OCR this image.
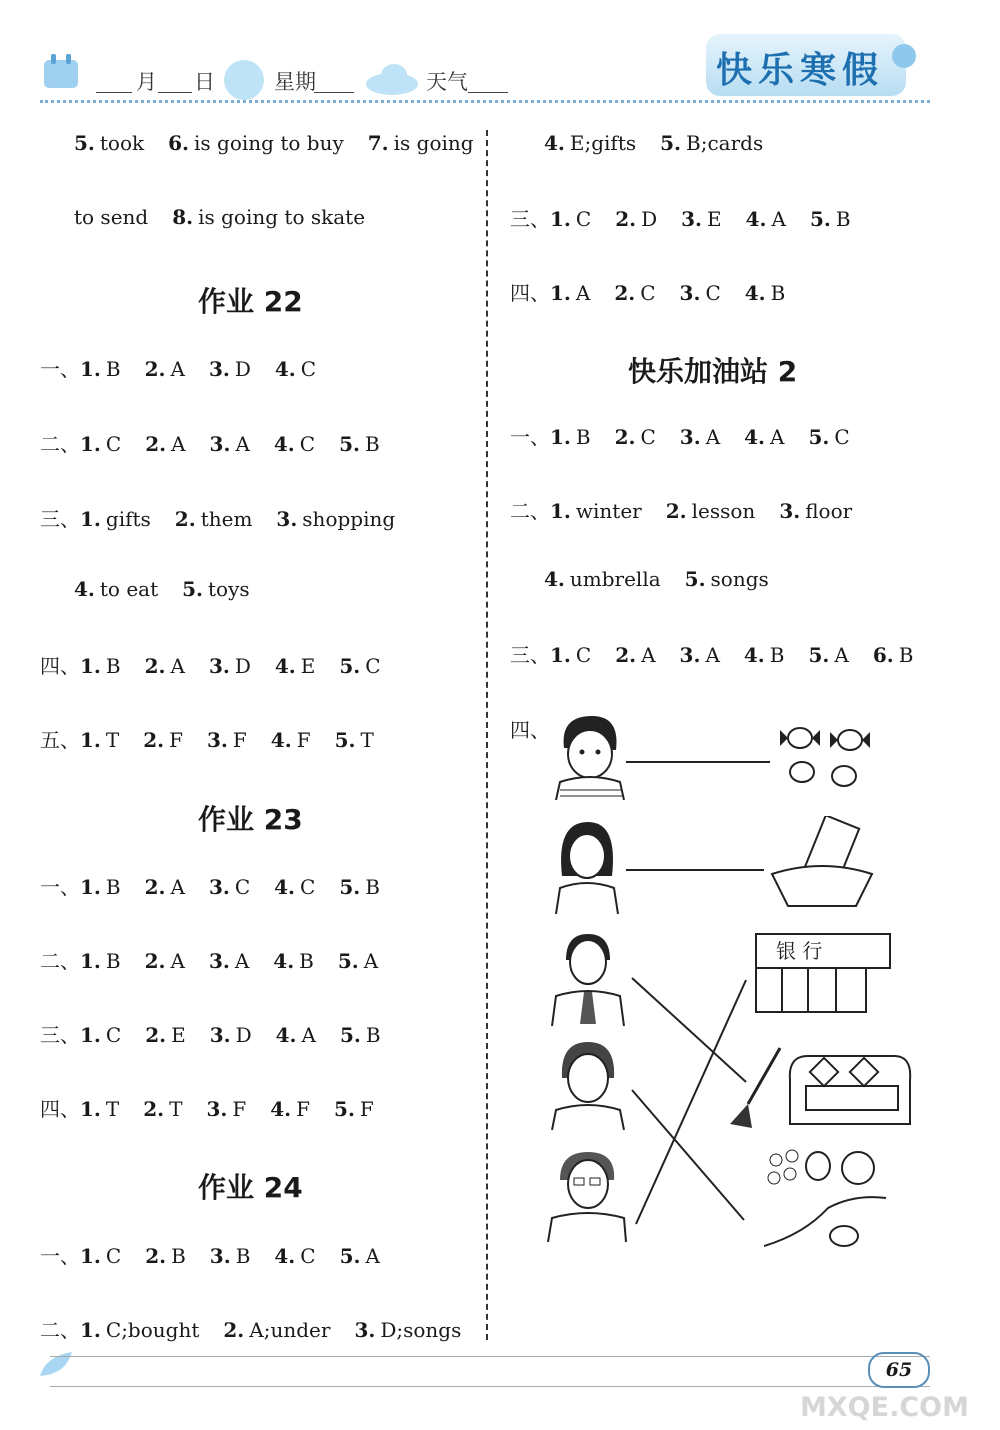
月 日	星期	天气	快乐寒假
5. took 6. is going to buy 7. is going
to send 8. is going to skate
作业 22
一、1. B 2. A 3. D 4. C
二、1. C 2. A 3. A 4. C 5. B
三、1. gifts 2. them 3. shopping
4. to eat 5. toys
四、1. B 2. A 3. D 4. E 5. C
五、1. T 2. F 3. F 4. F 5. T
作业 23
一、1. B 2. A 3. C 4. C 5. B
二、1. B 2. A 3. A 4. B 5. A
三、1. C 2. E 3. D 4. A 5. B
四、1. T 2. T 3. F 4. F 5. F
作业 24
一、1. C 2. B 3. B 4. C 5. A
二、1. C;bought 2. A;under 3. D;songs
4. E;gifts 5. B;cards
三、1. C 2. D 3. E 4. A 5. B
四、1. A 2. C 3. C 4. B
快乐加油站 2
一、1. B 2. C 3. A 4. A 5. C
二、1. winter 2. lesson 3. floor
4. umbrella 5. songs
三、1. C 2. A 3. A 4. B 5. A 6. B
四、
银 行
65
MXQE.COM
